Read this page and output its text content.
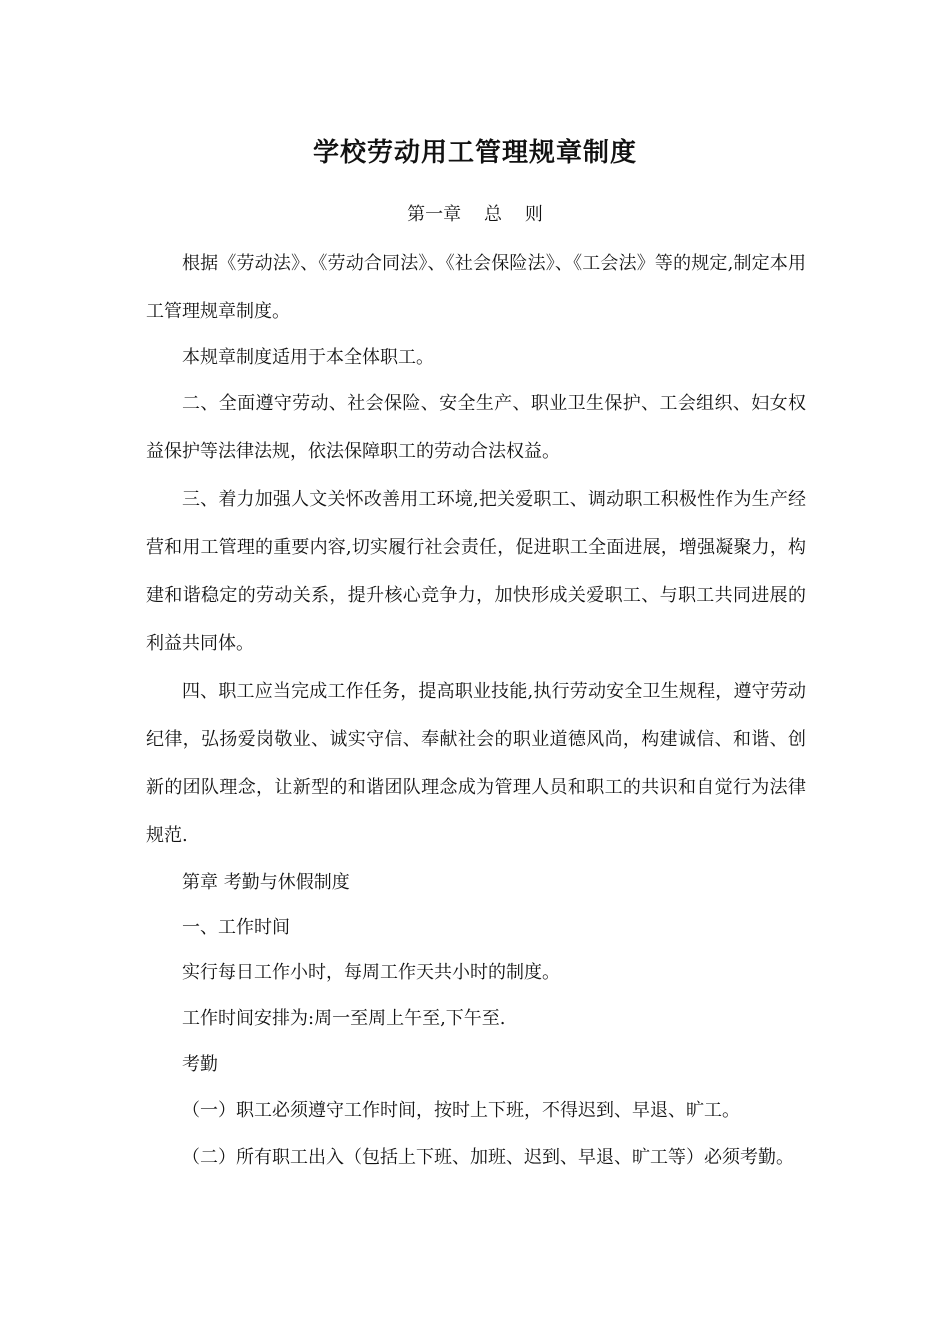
学校劳动用工管理规章制度
第一章    总    则

根据《劳动法》、《劳动合同法》、《社会保险法》、《工会法》等的规定,制定本用工管理规章制度。

本规章制度适用于本全体职工。

二、全面遵守劳动、社会保险、安全生产、职业卫生保护、工会组织、妇女权益保护等法律法规，依法保障职工的劳动合法权益。

三、着力加强人文关怀改善用工环境,把关爱职工、调动职工积极性作为生产经营和用工管理的重要内容,切实履行社会责任，促进职工全面进展，增强凝聚力，构建和谐稳定的劳动关系，提升核心竞争力，加快形成关爱职工、与职工共同进展的利益共同体。

四、职工应当完成工作任务，提高职业技能,执行劳动安全卫生规程，遵守劳动纪律，弘扬爱岗敬业、诚实守信、奉献社会的职业道德风尚，构建诚信、和谐、创新的团队理念，让新型的和谐团队理念成为管理人员和职工的共识和自觉行为法律规范.

第章 考勤与休假制度

一、工作时间

实行每日工作小时，每周工作天共小时的制度。

工作时间安排为:周一至周上午至,下午至.

考勤

（一）职工必须遵守工作时间，按时上下班，不得迟到、早退、旷工。

（二）所有职工出入（包括上下班、加班、迟到、早退、旷工等）必须考勤。
